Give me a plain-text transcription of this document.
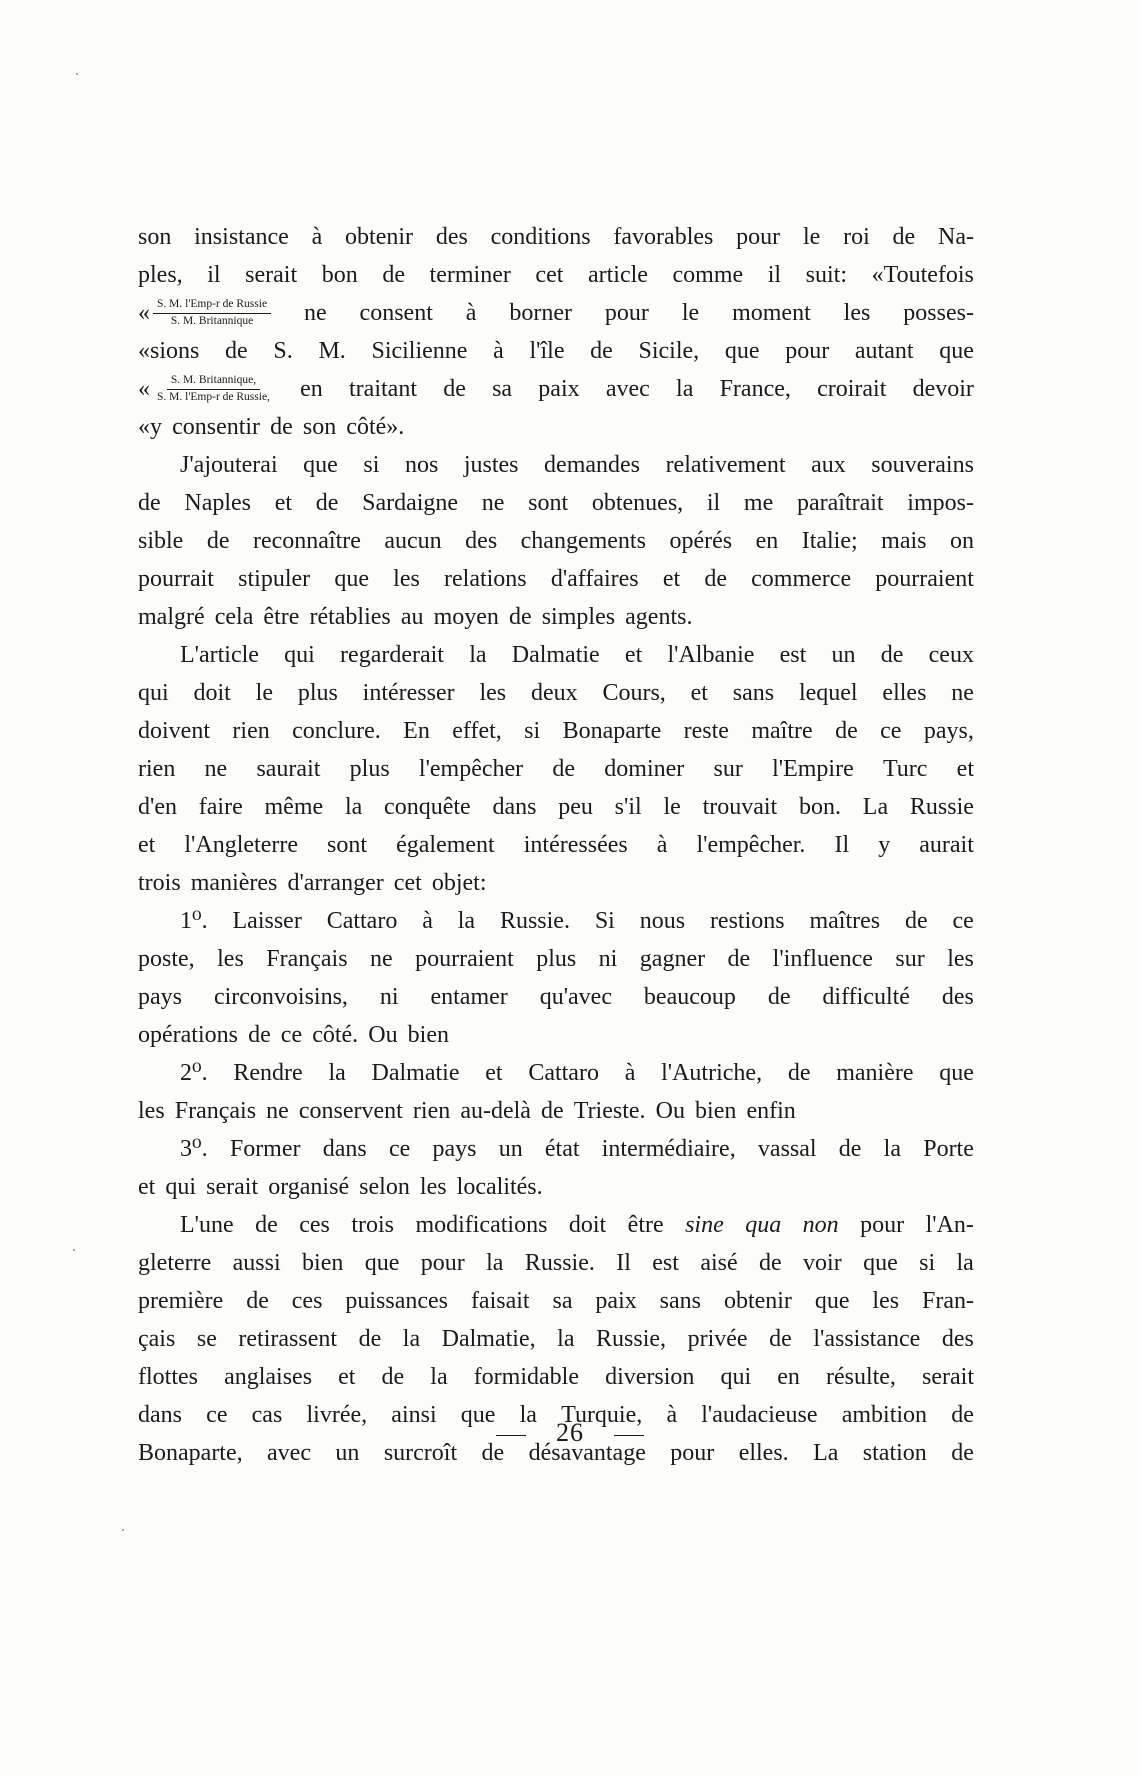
son insistance à obtenir des conditions favorables pour le roi de Na-
ples, il serait bon de terminer cet article comme il suit: «Toutefois
« $\frac{\text{S. M. l'Emp-r de Russie}}{\text{S. M. Britannique}}$ ne consent à borner pour le moment les posses-
«sions de S. M. Sicilienne à l'île de Sicile, que pour autant que
« $\frac{\text{S. M. Britannique,}}{\text{S. M. l'Emp-r de Russie,}}$ en traitant de sa paix avec la France, croirait devoir
«y consentir de son côté».
J'ajouterai que si nos justes demandes relativement aux souverains
de Naples et de Sardaigne ne sont obtenues, il me paraîtrait impos-
sible de reconnaître aucun des changements opérés en Italie; mais on
pourrait stipuler que les relations d'affaires et de commerce pourraient
malgré cela être rétablies au moyen de simples agents.
L'article qui regarderait la Dalmatie et l'Albanie est un de ceux
qui doit le plus intéresser les deux Cours, et sans lequel elles ne
doivent rien conclure. En effet, si Bonaparte reste maître de ce pays,
rien ne saurait plus l'empêcher de dominer sur l'Empire Turc et
d'en faire même la conquête dans peu s'il le trouvait bon. La Russie
et l'Angleterre sont également intéressées à l'empêcher. Il y aurait
trois manières d'arranger cet objet:
1⁰. Laisser Cattaro à la Russie. Si nous restions maîtres de ce
poste, les Français ne pourraient plus ni gagner de l'influence sur les
pays circonvoisins, ni entamer qu'avec beaucoup de difficulté des
opérations de ce côté. Ou bien
2⁰. Rendre la Dalmatie et Cattaro à l'Autriche, de manière que
les Français ne conservent rien au-delà de Trieste. Ou bien enfin
3⁰. Former dans ce pays un état intermédiaire, vassal de la Porte
et qui serait organisé selon les localités.
L'une de ces trois modifications doit être sine qua non pour l'An-
gleterre aussi bien que pour la Russie. Il est aisé de voir que si la
première de ces puissances faisait sa paix sans obtenir que les Fran-
çais se retirassent de la Dalmatie, la Russie, privée de l'assistance des
flottes anglaises et de la formidable diversion qui en résulte, serait
dans ce cas livrée, ainsi que la Turquie, à l'audacieuse ambition de
Bonaparte, avec un surcroît de désavantage pour elles. La station de
26
